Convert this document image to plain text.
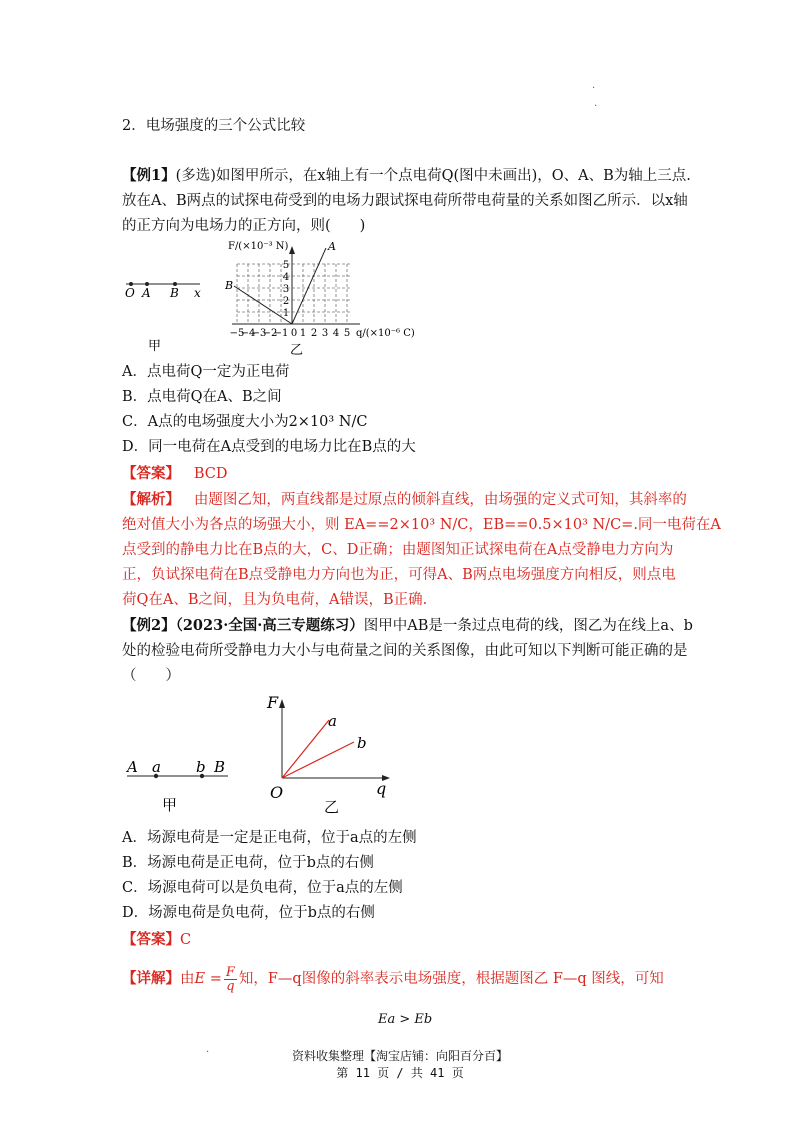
.
.
2．电场强度的三个公式比较
【例1】(多选)如图甲所示，在x轴上有一个点电荷Q(图中未画出)，O、A、B为轴上三点.
放在A、B两点的试探电荷受到的电场力跟试探电荷所带电荷量的关系如图乙所示．以x轴
的正方向为电场力的正方向，则(　　)
O A B x
甲
A
B
F/(×10⁻³ N)
5
4
3
2
1
−5
−4
−3
−2
−1 0 1 2 3 4 5 q/(×10⁻⁶ C)
乙
A．点电荷Q一定为正电荷
B．点电荷Q在A、B之间
C．A点的电场强度大小为2×10³ N/C
D．同一电荷在A点受到的电场力比在B点的大
【答案】 BCD
【解析】 由题图乙知，两直线都是过原点的倾斜直线，由场强的定义式可知，其斜率的
绝对值大小为各点的场强大小，则 EA==2×10³ N/C，EB==0.5×10³ N/C=.同一电荷在A
点受到的静电力比在B点的大，C、D正确；由题图知正试探电荷在A点受静电力方向为
正，负试探电荷在B点受静电力方向也为正，可得A、B两点电场强度方向相反，则点电
荷Q在A、B之间，且为负电荷，A错误，B正确.
【例2】（2023·全国·高三专题练习）图甲中AB是一条过点电荷的线，图乙为在线上a、b
处的检验电荷所受静电力大小与电荷量之间的关系图像，由此可知以下判断可能正确的是
（　　）
A a b B
甲
F
a
b
O	q
乙
A．场源电荷是一定是正电荷，位于a点的左侧
B．场源电荷是正电荷，位于b点的右侧
C．场源电荷可以是负电荷，位于a点的左侧
D．场源电荷是负电荷，位于b点的右侧
【答案】C
【详解】由$E = \frac{F}{q}$ 知，F—q图像的斜率表示电场强度，根据题图乙 F—q 图线，可知
Ea > Eb
.	资料收集整理【淘宝店铺：向阳百分百】
第 11 页 / 共 41 页
